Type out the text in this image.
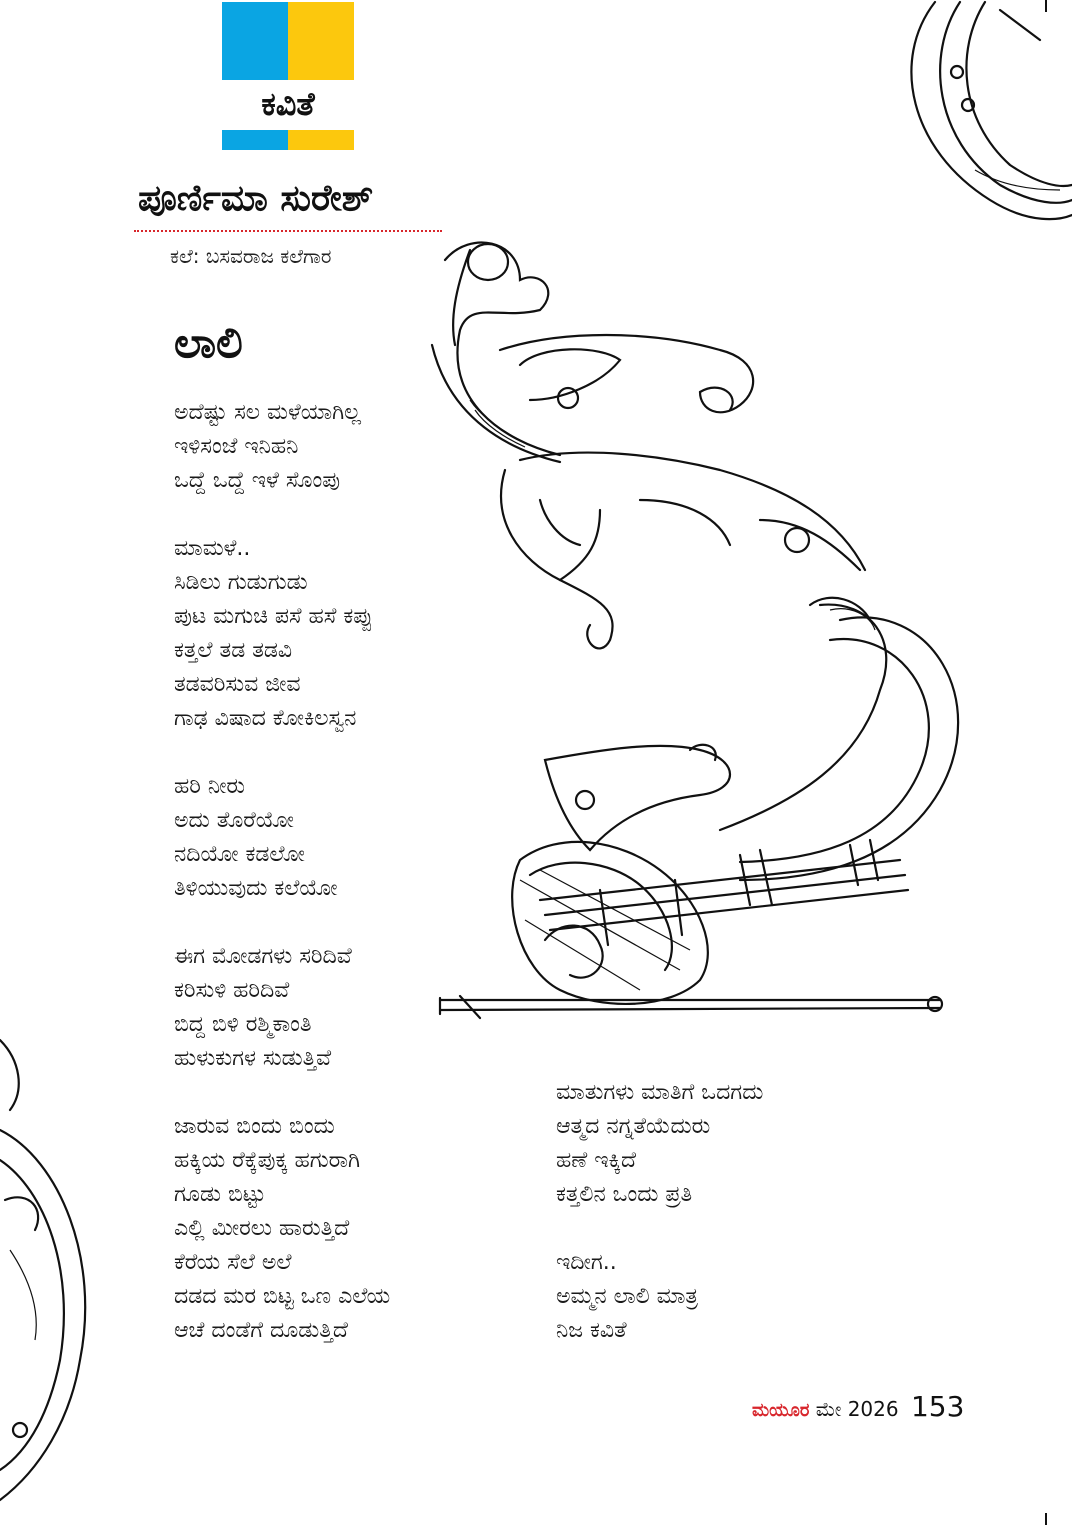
ಕವಿತೆ
ಪೂರ್ಣಿಮಾ ಸುರೇಶ್
ಕಲೆ: ಬಸವರಾಜ ಕಲೆಗಾರ
ಲಾಲಿ
ಅದೆಷ್ಟು ಸಲ ಮಳೆಯಾಗಿಲ್ಲ
ಇಳಿಸಂಜೆ ಇನಿಹನಿ
ಒದ್ದೆ ಒದ್ದೆ ಇಳೆ ಸೊಂಪು
ಮಾಮಳೆ..
ಸಿಡಿಲು ಗುಡುಗುಡು
ಪುಟ ಮಗುಚಿ ಪಸೆ ಹಸೆ ಕಪ್ಪು
ಕತ್ತಲೆ ತಡ ತಡವಿ
ತಡವರಿಸುವ ಜೀವ
ಗಾಢ ವಿಷಾದ ಕೋಕಿಲಸ್ವನ
ಹರಿ ನೀರು
ಅದು ತೊರೆಯೋ
ನದಿಯೋ ಕಡಲೋ
ತಿಳಿಯುವುದು ಕಲೆಯೋ
ಈಗ ಮೋಡಗಳು ಸರಿದಿವೆ
ಕರಿಸುಳಿ ಹರಿದಿವೆ
ಬಿದ್ದ ಬಿಳಿ ರಶ್ಮಿಕಾಂತಿ
ಹುಳುಕುಗಳ ಸುಡುತ್ತಿವೆ
ಜಾರುವ ಬಿಂದು ಬಿಂದು
ಹಕ್ಕಿಯ ರೆಕ್ಕೆಪುಕ್ಕ ಹಗುರಾಗಿ
ಗೂಡು ಬಿಟ್ಟು
ಎಲ್ಲಿ ಮೀರಲು ಹಾರುತ್ತಿದೆ
ಕೆರೆಯ ಸೆಲೆ ಅಲೆ
ದಡದ ಮರ ಬಿಟ್ಟ ಒಣ ಎಲೆಯ
ಆಚೆ ದಂಡೆಗೆ ದೂಡುತ್ತಿದೆ
ಮಾತುಗಳು ಮಾತಿಗೆ ಒದಗದು
ಆತ್ಮದ ನಗ್ನತೆಯೆದುರು
ಹಣೆ ಇಕ್ಕಿದೆ
ಕತ್ತಲಿನ ಒಂದು ಪ್ರತಿ
ಇದೀಗ..
ಅಮ್ಮನ ಲಾಲಿ ಮಾತ್ರ
ನಿಜ ಕವಿತೆ
ಮಯೂರ ಮೇ 2026 153
